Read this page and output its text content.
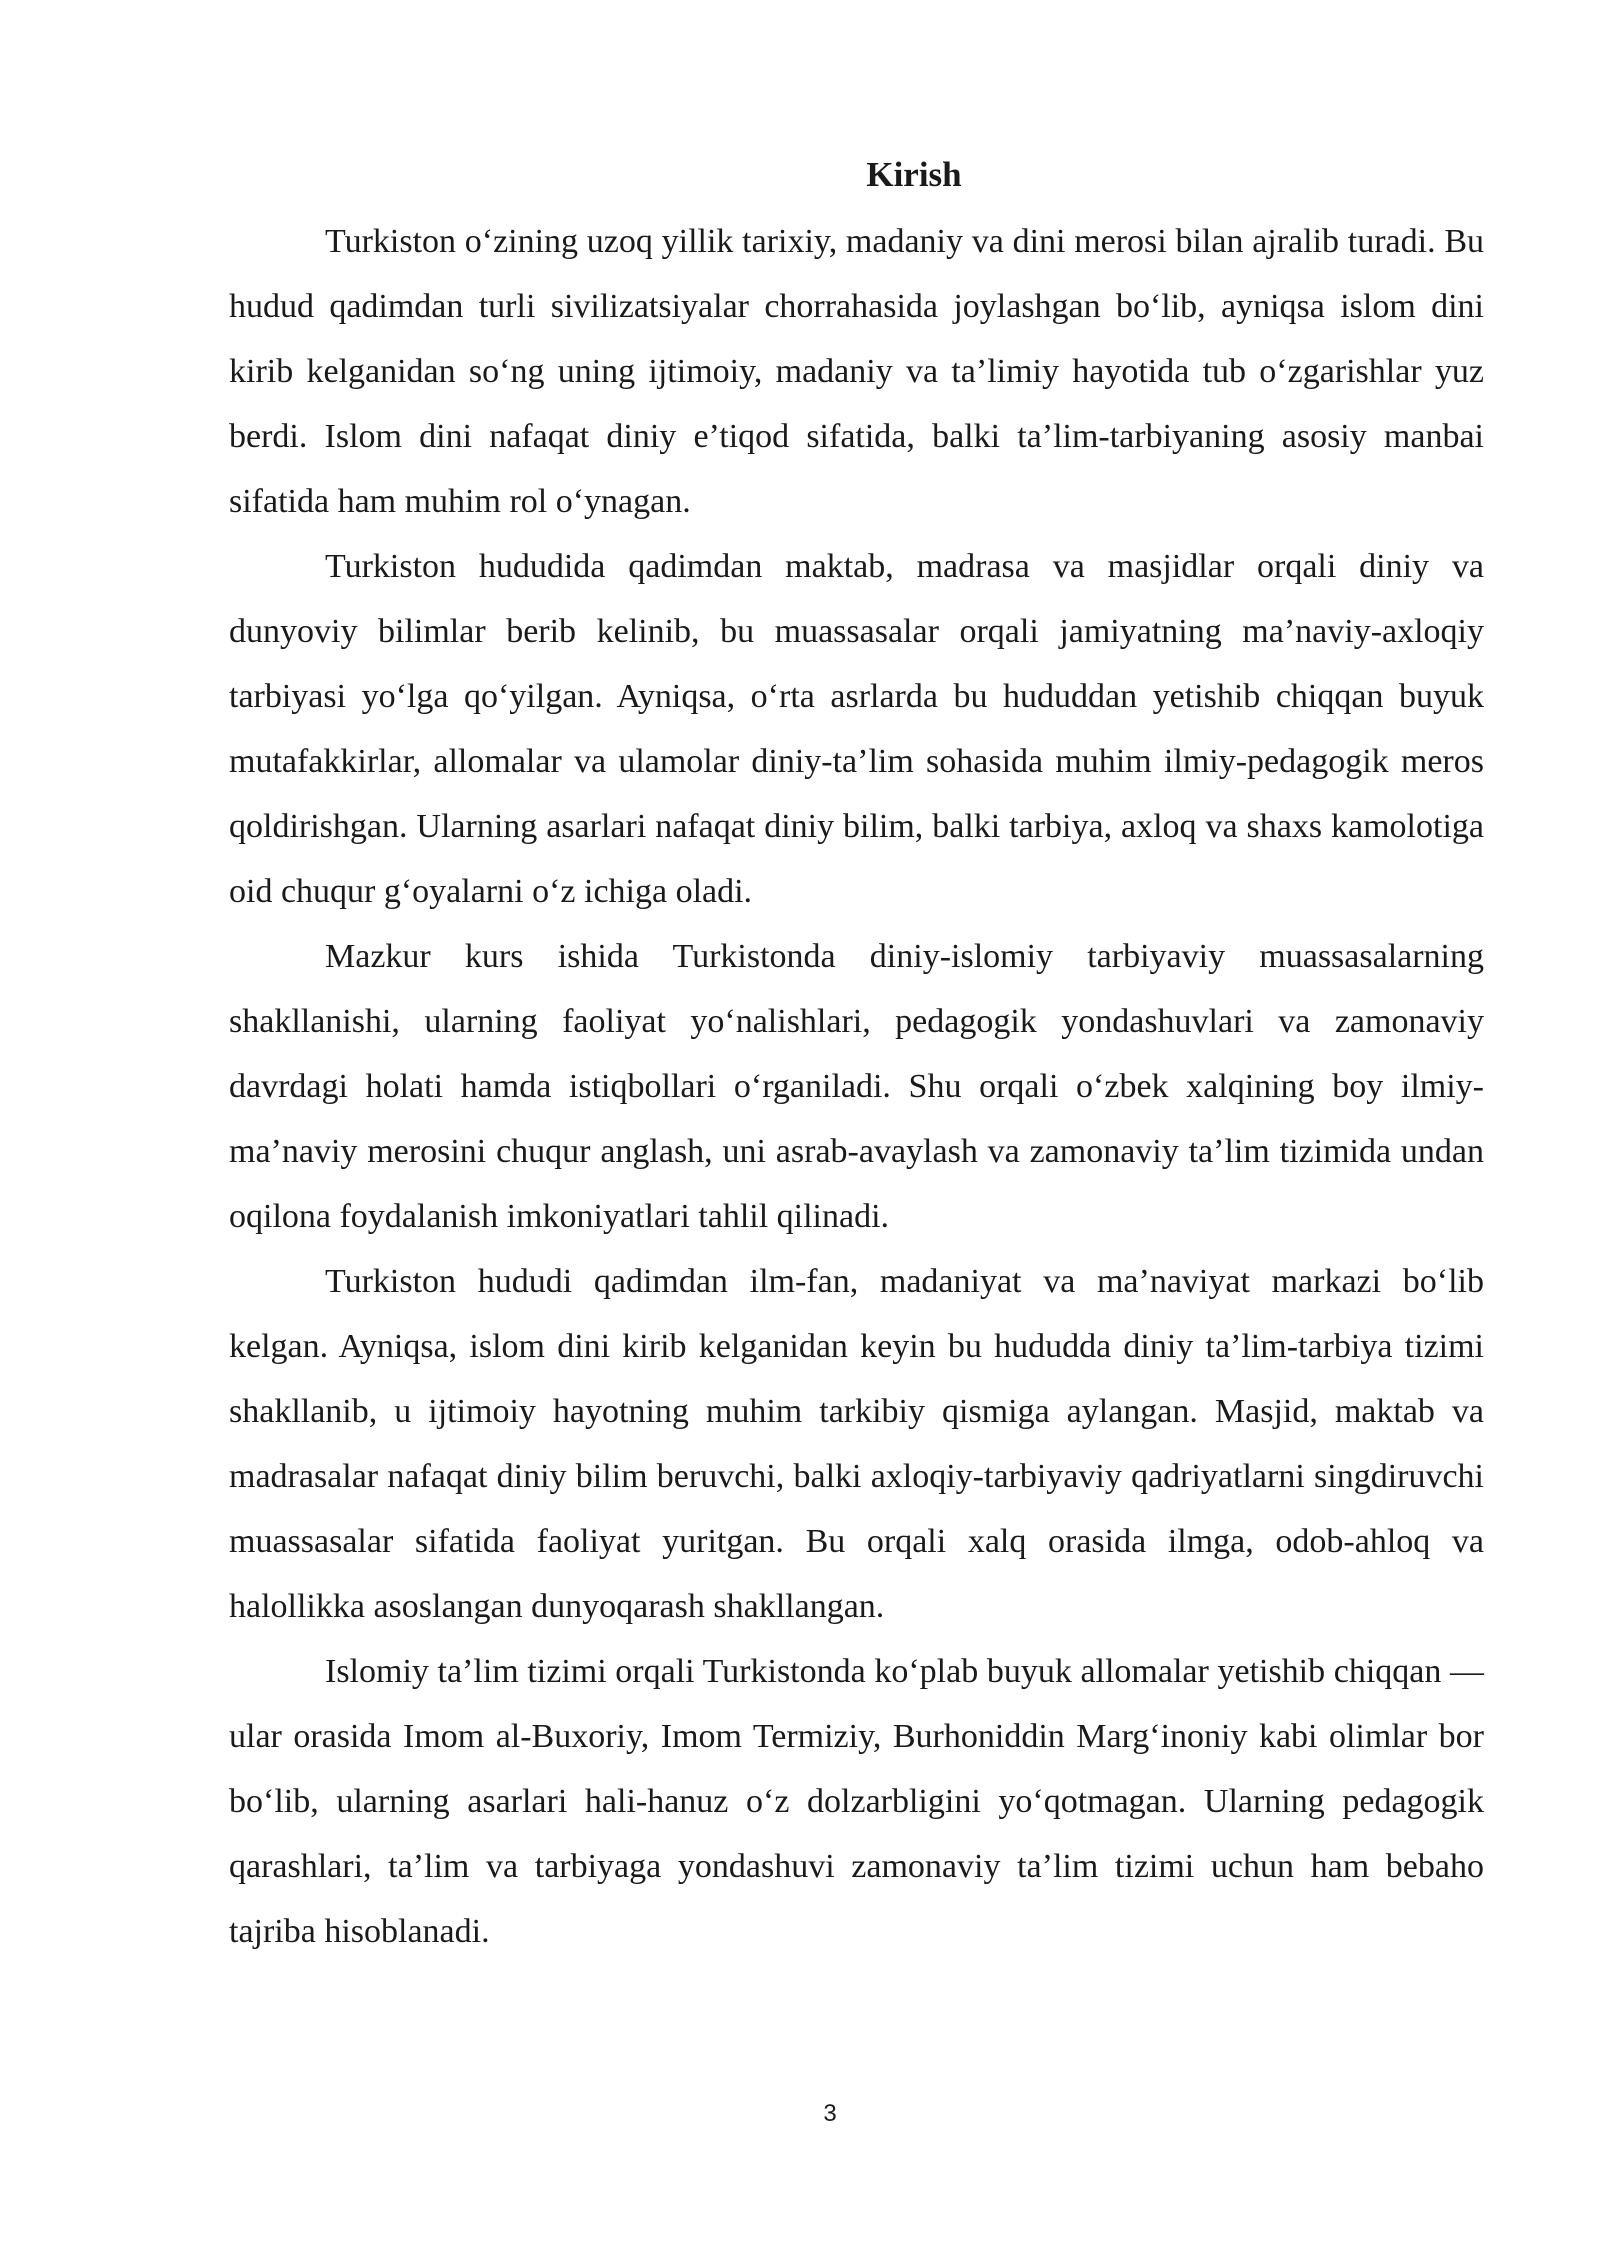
Kirish

Turkiston o‘zining uzoq yillik tarixiy, madaniy va dini merosi bilan ajralib turadi. Bu hudud qadimdan turli sivilizatsiyalar chorrahasida joylashgan bo‘lib, ayniqsa islom dini kirib kelganidan so‘ng uning ijtimoiy, madaniy va ta’limiy hayotida tub o‘zgarishlar yuz berdi. Islom dini nafaqat diniy e’tiqod sifatida, balki ta’lim-tarbiyaning asosiy manbai sifatida ham muhim rol o‘ynagan.

Turkiston hududida qadimdan maktab, madrasa va masjidlar orqali diniy va dunyoviy bilimlar berib kelinib, bu muassasalar orqali jamiyatning ma’naviy-axloqiy tarbiyasi yo‘lga qo‘yilgan. Ayniqsa, o‘rta asrlarda bu hududdan yetishib chiqqan buyuk mutafakkirlar, allomalar va ulamolar diniy-ta’lim sohasida muhim ilmiy-pedagogik meros qoldirishgan. Ularning asarlari nafaqat diniy bilim, balki tarbiya, axloq va shaxs kamolotiga oid chuqur g‘oyalarni o‘z ichiga oladi.

Mazkur kurs ishida Turkistonda diniy-islomiy tarbiyaviy muassasalarning shakllanishi, ularning faoliyat yo‘nalishlari, pedagogik yondashuvlari va zamonaviy davrdagi holati hamda istiqbollari o‘rganiladi. Shu orqali o‘zbek xalqining boy ilmiy-ma’naviy merosini chuqur anglash, uni asrab-avaylash va zamonaviy ta’lim tizimida undan oqilona foydalanish imkoniyatlari tahlil qilinadi.

Turkiston hududi qadimdan ilm-fan, madaniyat va ma’naviyat markazi bo‘lib kelgan. Ayniqsa, islom dini kirib kelganidan keyin bu hududda diniy ta’lim-tarbiya tizimi shakllanib, u ijtimoiy hayotning muhim tarkibiy qismiga aylangan. Masjid, maktab va madrasalar nafaqat diniy bilim beruvchi, balki axloqiy-tarbiyaviy qadriyatlarni singdiruvchi muassasalar sifatida faoliyat yuritgan. Bu orqali xalq orasida ilmga, odob-ahloq va halollikka asoslangan dunyoqarash shakllangan.

Islomiy ta’lim tizimi orqali Turkistonda ko‘plab buyuk allomalar yetishib chiqqan — ular orasida Imom al-Buxoriy, Imom Termiziy, Burhoniddin Marg‘inoniy kabi olimlar bor bo‘lib, ularning asarlari hali-hanuz o‘z dolzarbligini yo‘qotmagan. Ularning pedagogik qarashlari, ta’lim va tarbiyaga yondashuvi zamonaviy ta’lim tizimi uchun ham bebaho tajriba hisoblanadi.

3
